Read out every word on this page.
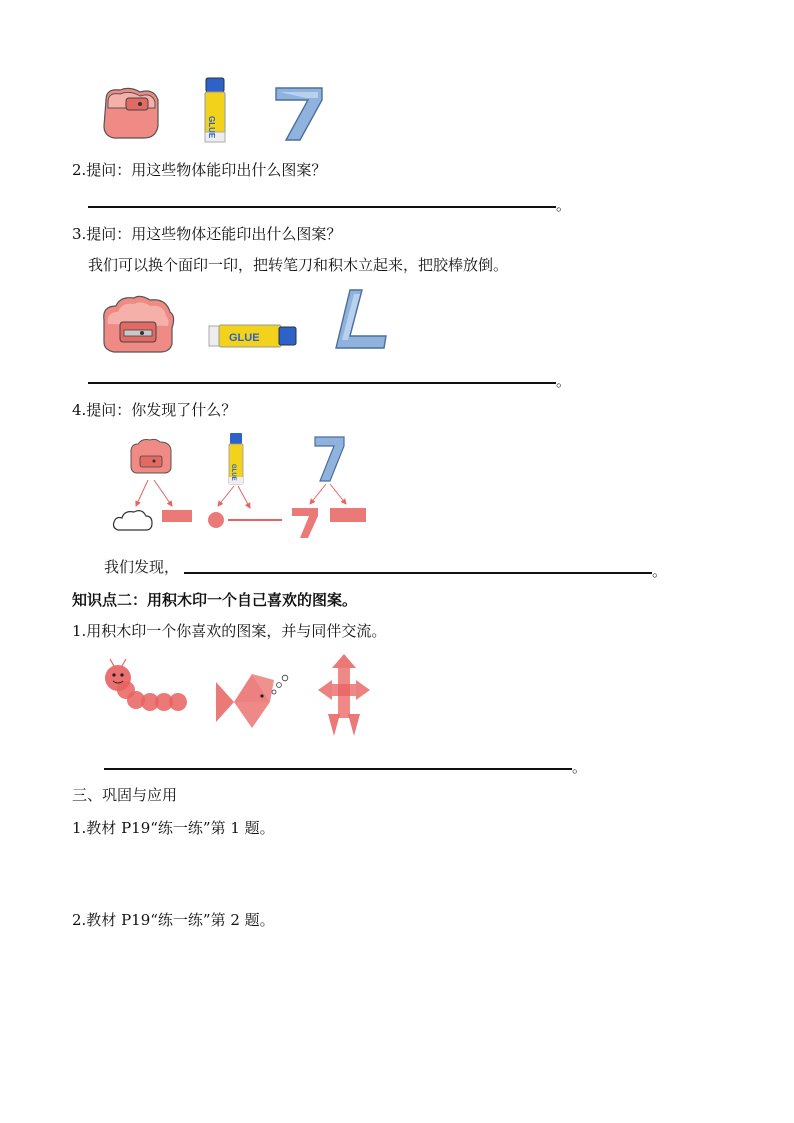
GLUE
2.提问：用这些物体能印出什么图案？
。
3.提问：用这些物体还能印出什么图案？
我们可以换个面印一印，把转笔刀和积木立起来，把胶棒放倒。
GLUE
。
4.提问：你发现了什么？
GLUE
我们发现，	。
知识点二：用积木印一个自己喜欢的图案。
1.用积木印一个你喜欢的图案，并与同伴交流。
。
三、巩固与应用
1.教材 P19“练一练”第 1 题。
2.教材 P19“练一练”第 2 题。
